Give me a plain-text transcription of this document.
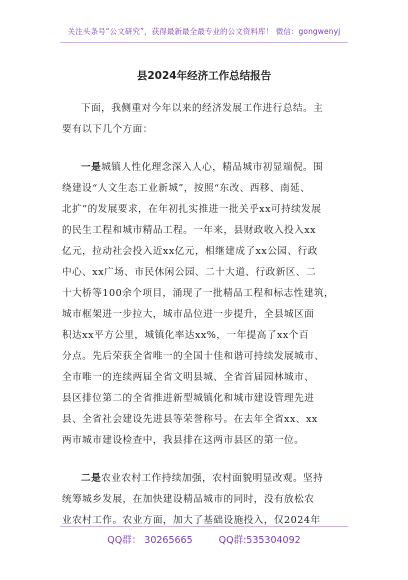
关注头条号“公文研究”，获得最新最全最专业的公文资料库！ 微信：gongwenyj
县2024年经济工作总结报告
下面，我侧重对今年以来的经济发展工作进行总结。主
要有以下几个方面：
一是城镇人性化理念深入人心，精品城市初显端倪。围
绕建设“人文生态工业新城”，按照“东改、西移、南延、
北扩”的发展要求，在年初扎实推进一批关乎xx可持续发展
的民生工程和城市精品工程。一年来，县财政收入投入xx
亿元，拉动社会投入近xx亿元，相继建成了xx公园、行政
中心、xx广场、市民休闲公园、二十大道、行政新区、二
十大桥等100余个项目，涌现了一批精品工程和标志性建筑，
城市框架进一步拉大，城市品位进一步提升，全县城区面
积达xx平方公里，城镇化率达xx%，一年提高了xx个百
分点。先后荣获全省唯一的全国十佳和谐可持续发展城市、
全市唯一的连续两届全省文明县城、全省首届园林城市、
县区排位第二的全省推进新型城镇化和城市建设管理先进
县、全省社会建设先进县等荣誉称号。在去年全省xx、xx
两市城市建设检查中，我县排在这两市县区的第一位。
二是农业农村工作持续加强，农村面貌明显改观。坚持
统筹城乡发展，在加快建设精品城市的同时，没有放松农
业农村工作。农业方面，加大了基础设施投入，仅2024年
QQ群： 30265665	QQ群:535304092
